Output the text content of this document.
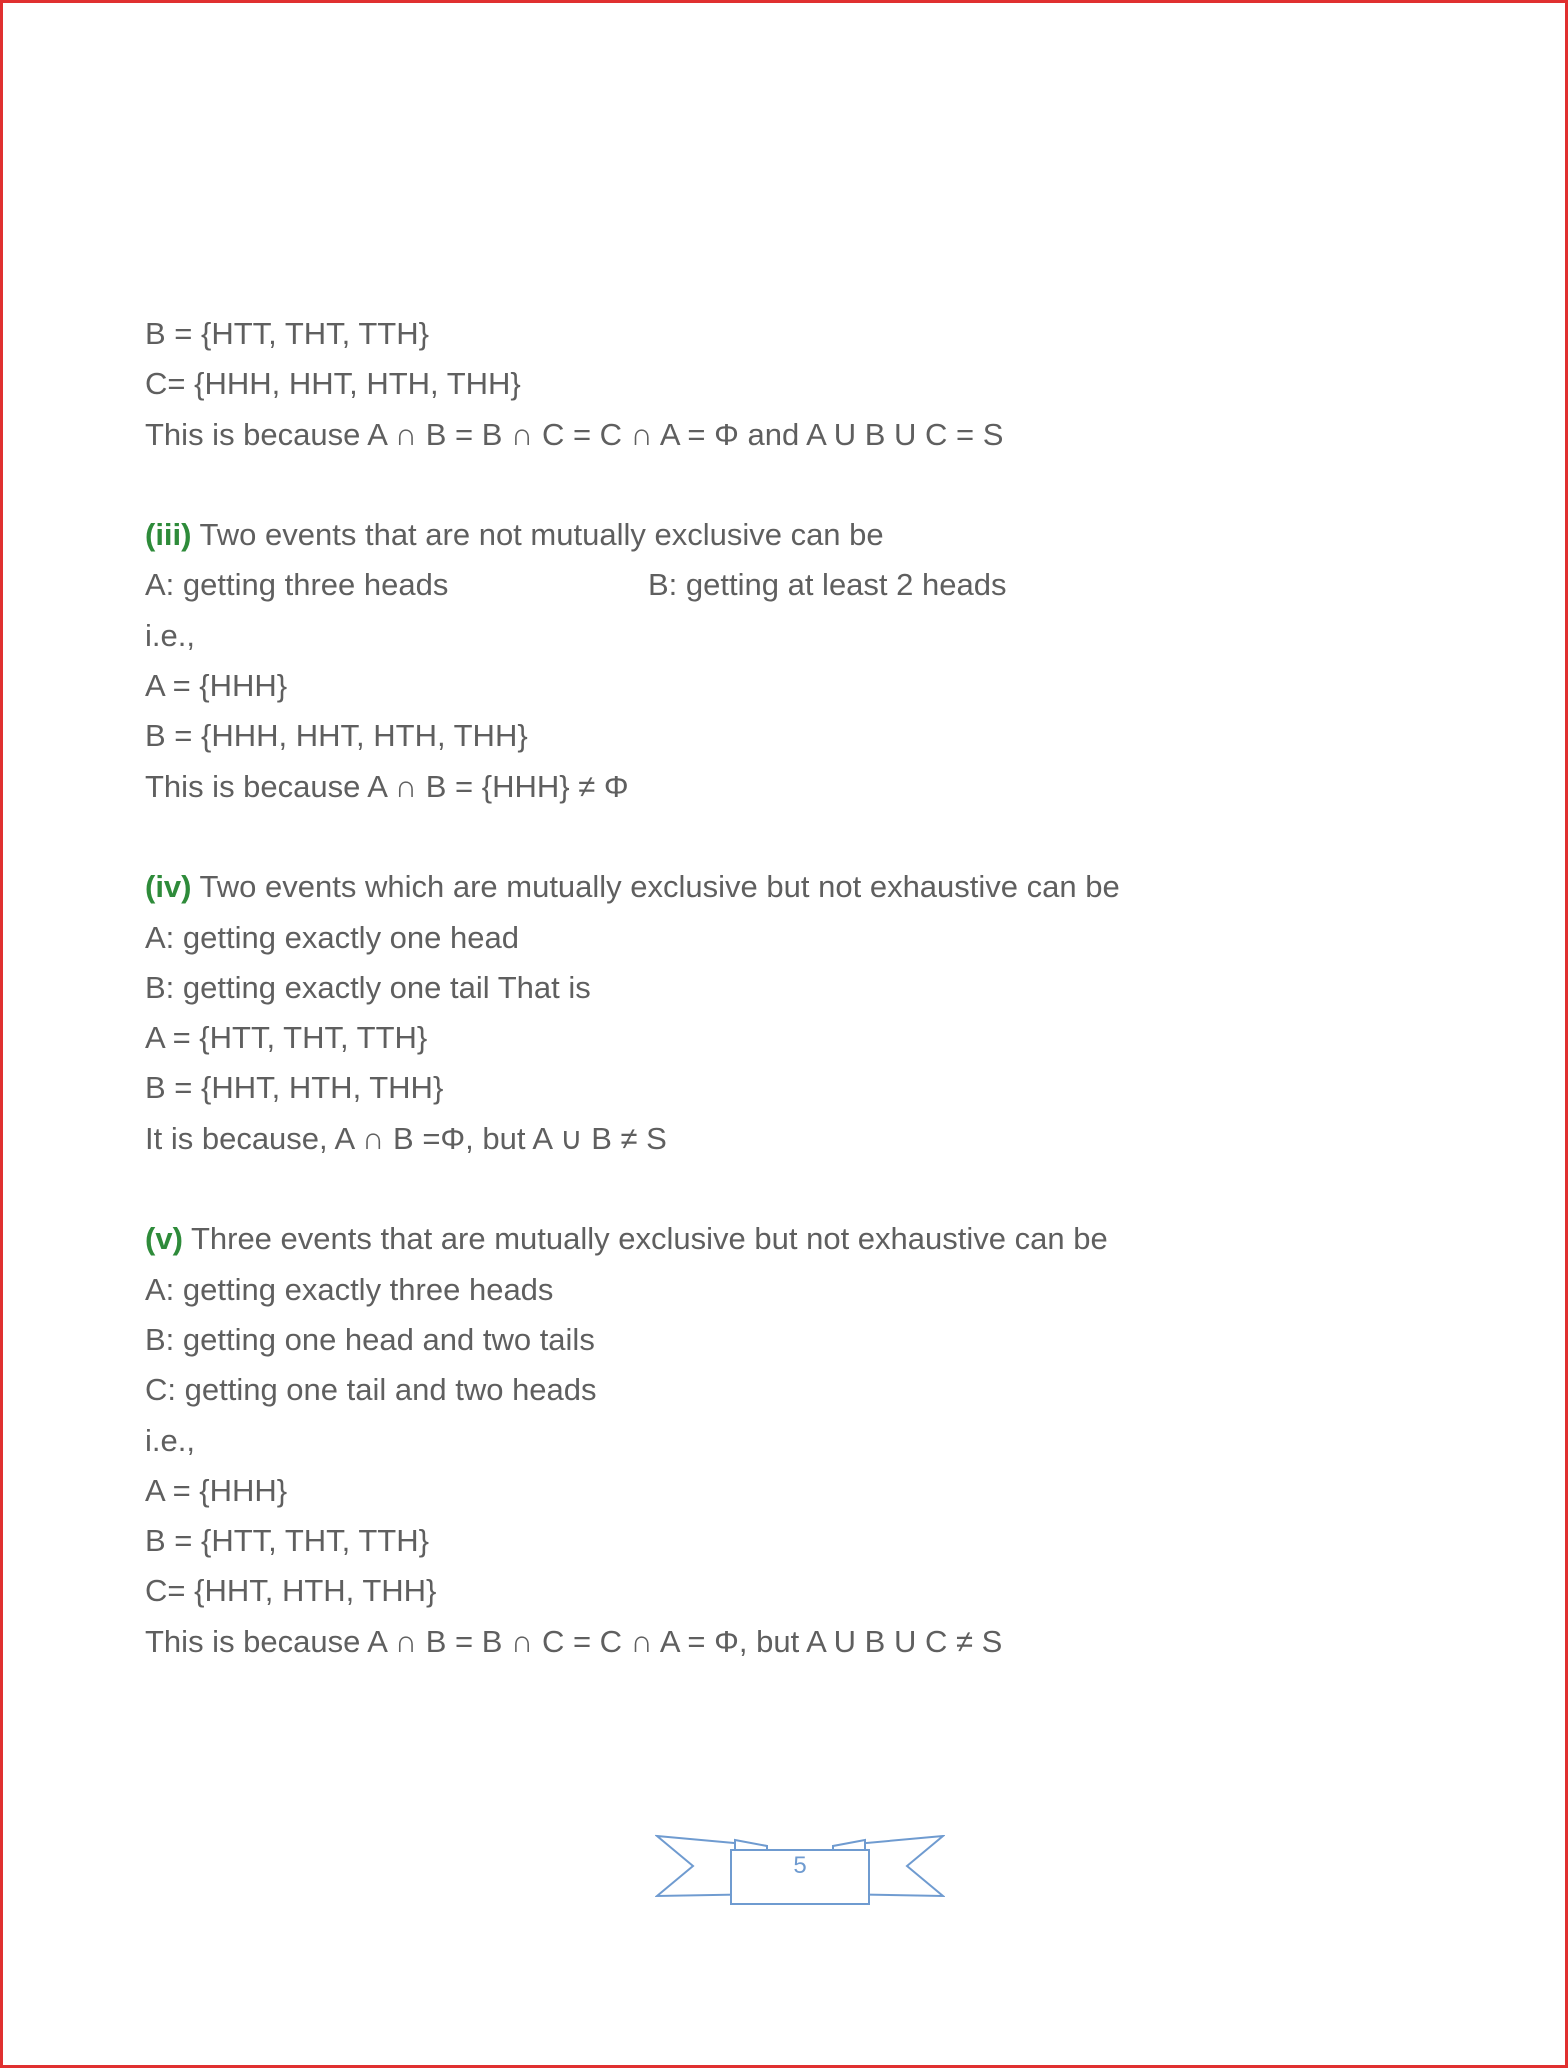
B = {HTT, THT, TTH}
C= {HHH, HHT, HTH, THH}
This is because A ∩ B = B ∩ C = C ∩ A = Φ and A U B U C = S
(iii) Two events that are not mutually exclusive can be
A: getting three heads	B: getting at least 2 heads
i.e.,
A = {HHH}
B = {HHH, HHT, HTH, THH}
This is because A ∩ B = {HHH} ≠ Φ
(iv) Two events which are mutually exclusive but not exhaustive can be
A: getting exactly one head
B: getting exactly one tail That is
A = {HTT, THT, TTH}
B = {HHT, HTH, THH}
It is because, A ∩ B =Φ, but A ∪ B ≠ S
(v) Three events that are mutually exclusive but not exhaustive can be
A: getting exactly three heads
B: getting one head and two tails
C: getting one tail and two heads
i.e.,
A = {HHH}
B = {HTT, THT, TTH}
C= {HHT, HTH, THH}
This is because A ∩ B = B ∩ C = C ∩ A = Φ, but A U B U C ≠ S
5
